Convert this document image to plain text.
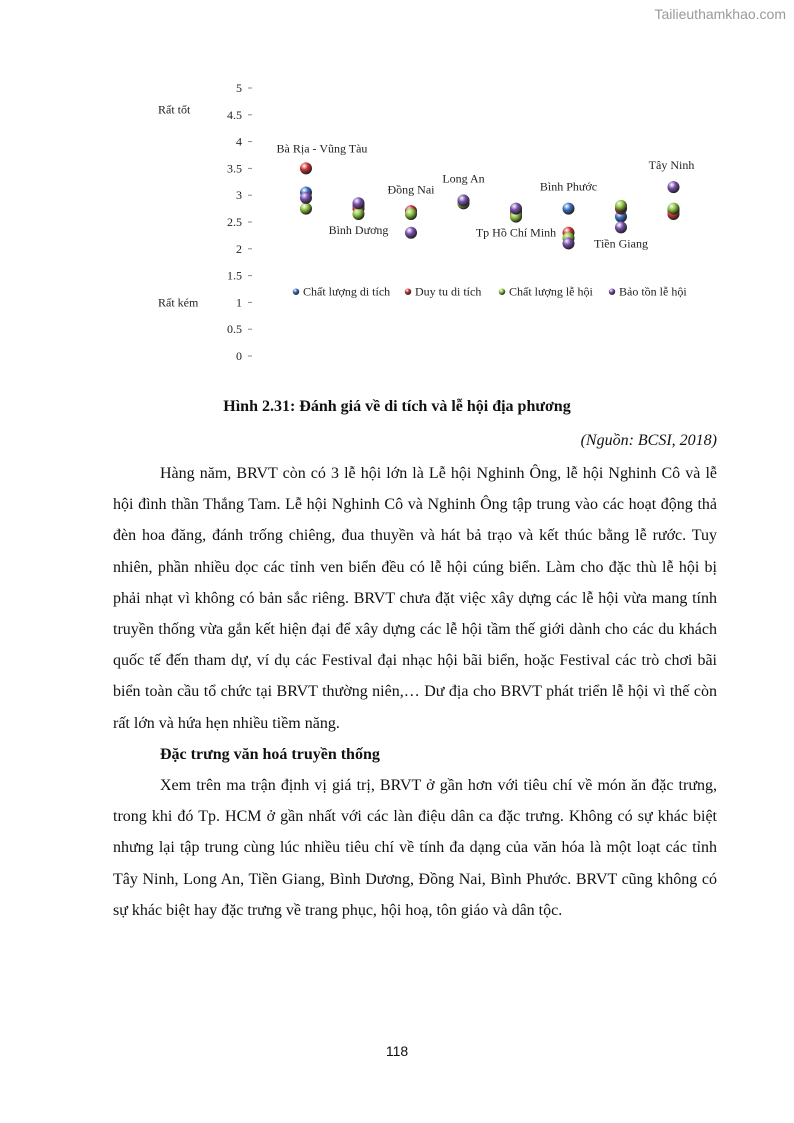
Tailieuthamkhao.com
0
0.5
1
1.5
2
2.5
3
3.5
4
4.5
5
Rất tốt
Rất kém
Bà Rịa - Vũng Tàu
Bình Dương
Đồng Nai
Long An
Tp Hồ Chí Minh
Bình Phước
Tiền Giang
Tây Ninh
Chất lượng di tích Duy tu di tích Chất lượng lễ hội Bảo tồn lễ hội
Hình 2.31: Đánh giá về di tích và lễ hội địa phương
(Nguồn: BCSI, 2018)

Hàng năm, BRVT còn có 3 lễ hội lớn là Lễ hội Nghinh Ông, lễ hội Nghinh Cô và lễ hội đình thần Thắng Tam. Lễ hội Nghinh Cô và Nghinh Ông tập trung vào các hoạt động thả đèn hoa đăng, đánh trống chiêng, đua thuyền và hát bả trạo và kết thúc bằng lễ rước. Tuy nhiên, phần nhiều dọc các tỉnh ven biển đều có lễ hội cúng biển. Làm cho đặc thù lễ hội bị phải nhạt vì không có bản sắc riêng. BRVT chưa đặt việc xây dựng các lễ hội vừa mang tính truyền thống vừa gắn kết hiện đại để xây dựng các lễ hội tầm thế giới dành cho các du khách quốc tế đến tham dự, ví dụ các Festival đại nhạc hội bãi biển, hoặc Festival các trò chơi bãi biển toàn cầu tổ chức tại BRVT thường niên,… Dư địa cho BRVT phát triển lễ hội vì thế còn rất lớn và hứa hẹn nhiều tiềm năng.

Đặc trưng văn hoá truyền thống

Xem trên ma trận định vị giá trị, BRVT ở gần hơn với tiêu chí về món ăn đặc trưng, trong khi đó Tp. HCM ở gần nhất với các làn điệu dân ca đặc trưng. Không có sự khác biệt nhưng lại tập trung cùng lúc nhiều tiêu chí về tính đa dạng của văn hóa là một loạt các tỉnh Tây Ninh, Long An, Tiền Giang, Bình Dương, Đồng Nai, Bình Phước. BRVT cũng không có sự khác biệt hay đặc trưng về trang phục, hội hoạ, tôn giáo và dân tộc.

118
